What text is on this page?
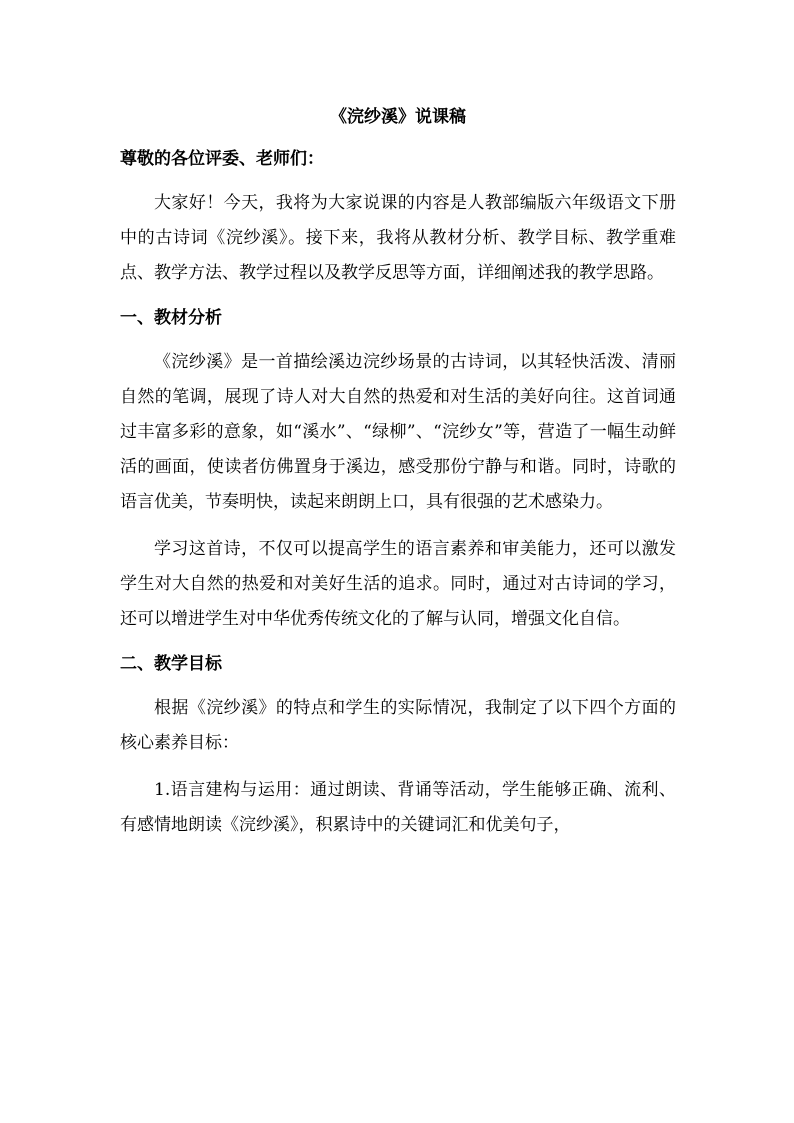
《浣纱溪》说课稿

尊敬的各位评委、老师们：

大家好！今天，我将为大家说课的内容是人教部编版六年级语文下册中的古诗词《浣纱溪》。接下来，我将从教材分析、教学目标、教学重难点、教学方法、教学过程以及教学反思等方面，详细阐述我的教学思路。

一、教材分析

《浣纱溪》是一首描绘溪边浣纱场景的古诗词，以其轻快活泼、清丽自然的笔调，展现了诗人对大自然的热爱和对生活的美好向往。这首词通过丰富多彩的意象，如“溪水”、“绿柳”、“浣纱女”等，营造了一幅生动鲜活的画面，使读者仿佛置身于溪边，感受那份宁静与和谐。同时，诗歌的语言优美，节奏明快，读起来朗朗上口，具有很强的艺术感染力。

学习这首诗，不仅可以提高学生的语言素养和审美能力，还可以激发学生对大自然的热爱和对美好生活的追求。同时，通过对古诗词的学习，还可以增进学生对中华优秀传统文化的了解与认同，增强文化自信。

二、教学目标

根据《浣纱溪》的特点和学生的实际情况，我制定了以下四个方面的核心素养目标：

1.语言建构与运用：通过朗读、背诵等活动，学生能够正确、流利、有感情地朗读《浣纱溪》，积累诗中的关键词汇和优美句子，
